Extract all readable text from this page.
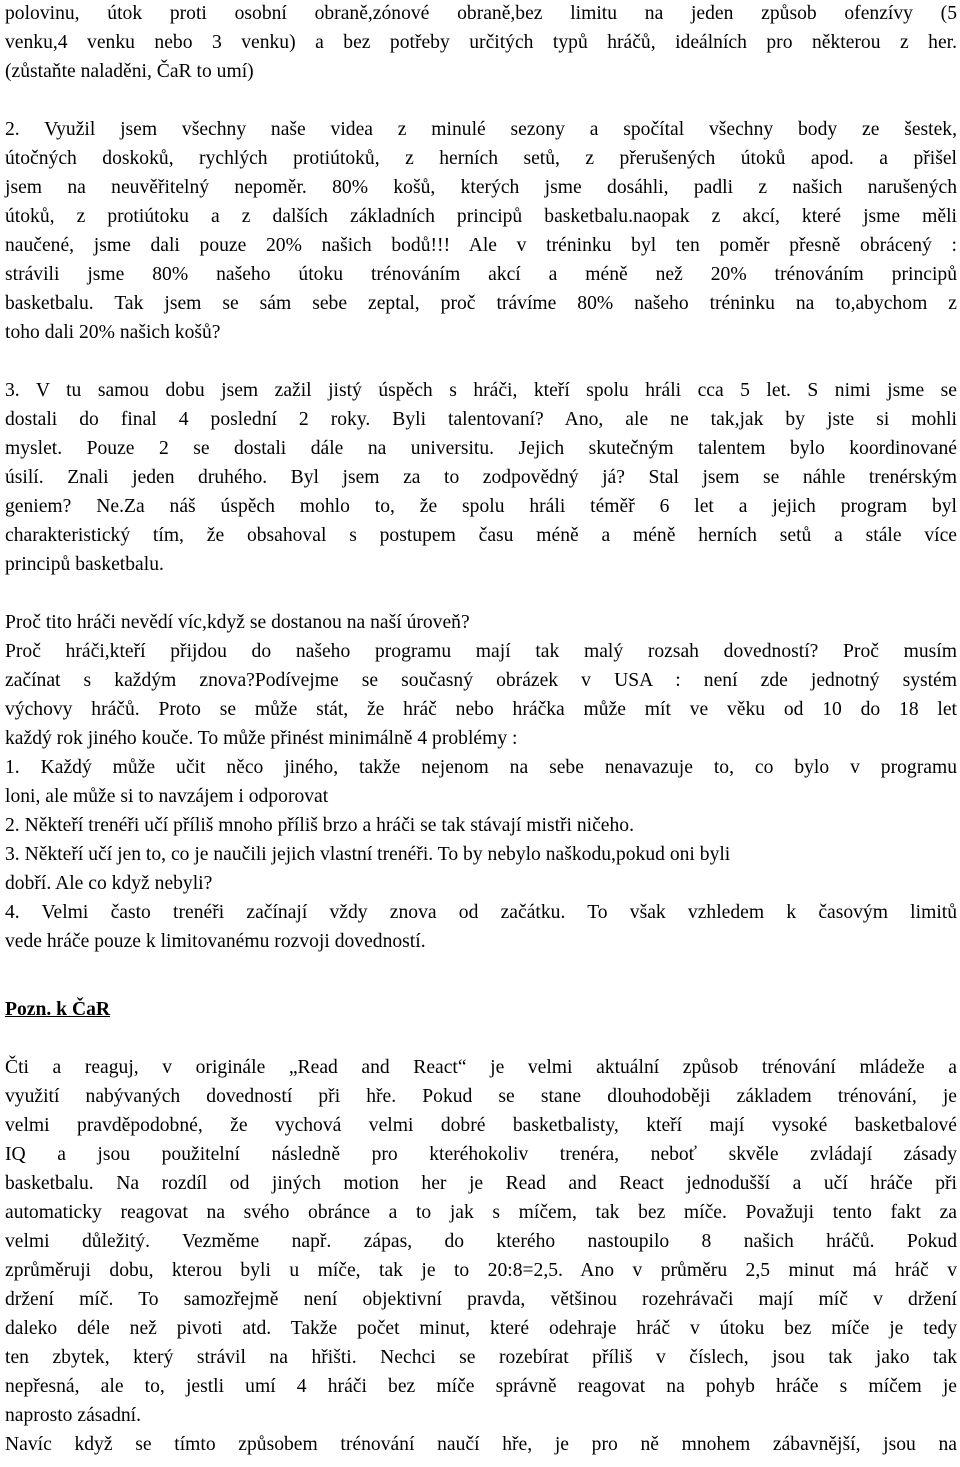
polovinu, útok proti osobní obraně,zónové obraně,bez limitu na jeden způsob ofenzívy (5
venku,4 venku nebo 3 venku) a bez potřeby určitých typů hráčů, ideálních pro některou z her.
(zůstaňte naladěni, ČaR to umí)
2. Využil jsem všechny naše videa z minulé sezony a spočítal všechny body ze šestek,
útočných doskoků, rychlých protiútoků, z herních setů, z přerušených útoků apod. a přišel
jsem na neuvěřitelný nepoměr. 80% košů, kterých jsme dosáhli, padli z našich narušených
útoků, z protiútoku a z dalších základních principů basketbalu.naopak z akcí, které jsme měli
naučené, jsme dali pouze 20% našich bodů!!! Ale v tréninku byl ten poměr přesně obrácený :
strávili jsme 80% našeho útoku trénováním akcí a méně než 20% trénováním principů
basketbalu. Tak jsem se sám sebe zeptal, proč trávíme 80% našeho tréninku na to,abychom z
toho dali 20% našich košů?
3. V tu samou dobu jsem zažil jistý úspěch s hráči, kteří spolu hráli cca 5 let. S nimi jsme se
dostali do final 4 poslední 2 roky. Byli talentovaní? Ano, ale ne tak,jak by jste si mohli
myslet. Pouze 2 se dostali dále na universitu. Jejich skutečným talentem bylo koordinované
úsilí. Znali jeden druhého. Byl jsem za to zodpovědný já? Stal jsem se náhle trenérským
geniem? Ne.Za náš úspěch mohlo to, že spolu hráli téměř 6 let a jejich program byl
charakteristický tím, že obsahoval s postupem času méně a méně herních setů a stále více
principů basketbalu.
Proč tito hráči nevědí víc,když se dostanou na naší úroveň?
Proč hráči,kteří přijdou do našeho programu mají tak malý rozsah dovedností? Proč musím
začínat s každým znova?Podívejme se současný obrázek v USA : není zde jednotný systém
výchovy hráčů. Proto se může stát, že hráč nebo hráčka může mít ve věku od 10 do 18 let
každý rok jiného kouče. To může přinést minimálně 4 problémy :
1. Každý může učit něco jiného, takže nejenom na sebe nenavazuje to, co bylo v programu
loni, ale může si to navzájem i odporovat
2. Někteří trenéři učí příliš mnoho příliš brzo a hráči se tak stávají mistři ničeho.
3. Někteří učí jen to, co je naučili jejich vlastní trenéři. To by nebylo naškodu,pokud oni byli
dobří. Ale co když nebyli?
4. Velmi často trenéři začínají vždy znova od začátku. To však vzhledem k časovým limitů
vede hráče pouze k limitovanému rozvoji dovedností.
Pozn. k ČaR
Čti a reaguj, v originále „Read and React“ je velmi aktuální způsob trénování mládeže a
využití nabývaných dovedností při hře. Pokud se stane dlouhodoběji základem trénování, je
velmi pravděpodobné, že vychová velmi dobré basketbalisty, kteří mají vysoké basketbalové
IQ a jsou použitelní následně pro kteréhokoliv trenéra, neboť skvěle zvládají zásady
basketbalu. Na rozdíl od jiných motion her je Read and React jednodušší a učí hráče při
automaticky reagovat na svého obránce a to jak s míčem, tak bez míče. Považuji tento fakt za
velmi důležitý. Vezměme např. zápas, do kterého nastoupilo 8 našich hráčů. Pokud
zprůměruji dobu, kterou byli u míče, tak je to 20:8=2,5. Ano v průměru 2,5 minut má hráč v
držení míč. To samozřejmě není objektivní pravda, většinou rozehrávači mají míč v držení
daleko déle než pivoti atd. Takže počet minut, které odehraje hráč v útoku bez míče je tedy
ten zbytek, který strávil na hřišti. Nechci se rozebírat příliš v číslech, jsou tak jako tak
nepřesná, ale to, jestli umí 4 hráči bez míče správně reagovat na pohyb hráče s míčem je
naprosto zásadní.
Navíc když se tímto způsobem trénování naučí hře, je pro ně mnohem zábavnější, jsou na
